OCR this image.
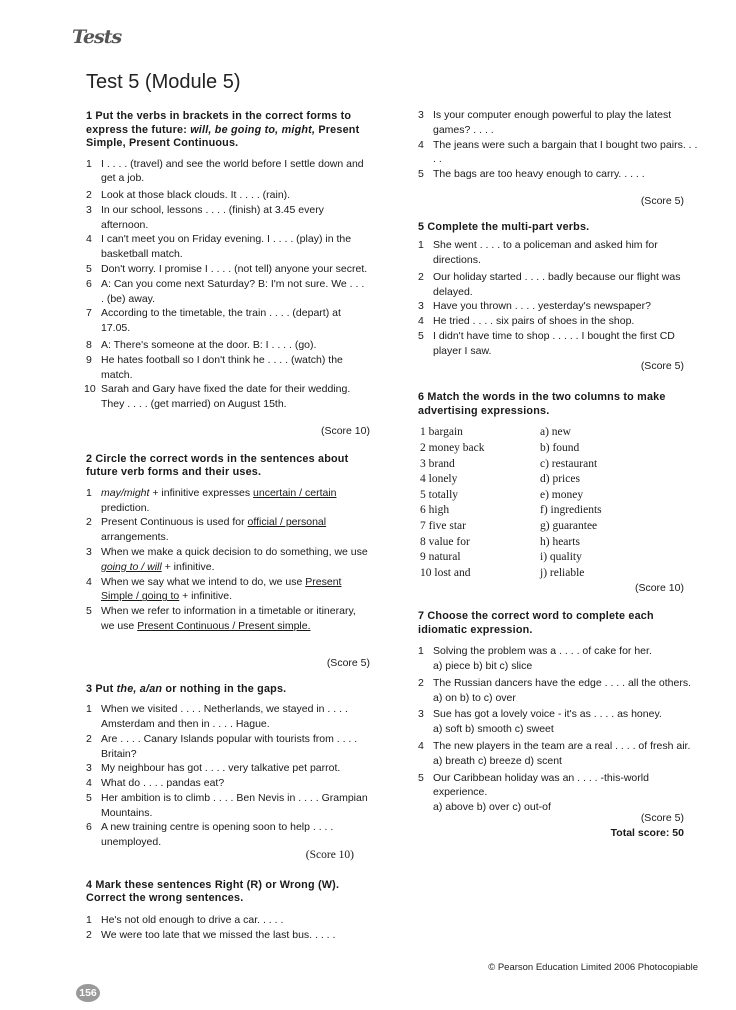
Tests
Test 5 (Module 5)
1 Put the verbs in brackets in the correct forms to express the future: will, be going to, might, Present Simple, Present Continuous.
1 I . . . . (travel) and see the world before I settle down and get a job.
2 Look at those black clouds. It . . . . (rain).
3 In our school, lessons . . . . (finish) at 3.45 every afternoon.
4 I can't meet you on Friday evening. I . . . . (play) in the basketball match.
5 Don't worry. I promise I . . . . (not tell) anyone your secret.
6 A: Can you come next Saturday? B: I'm not sure. We . . . . (be) away.
7 According to the timetable, the train . . . . (depart) at 17.05.
8 A: There's someone at the door. B: I . . . . (go).
9 He hates football so I don't think he . . . . (watch) the match.
10 Sarah and Gary have fixed the date for their wedding. They . . . . (get married) on August 15th.
(Score 10)
2 Circle the correct words in the sentences about future verb forms and their uses.
1 may/might + infinitive expresses uncertain / certain prediction.
2 Present Continuous is used for official / personal arrangements.
3 When we make a quick decision to do something, we use going to / will + infinitive.
4 When we say what we intend to do, we use Present Simple / going to + infinitive.
5 When we refer to information in a timetable or itinerary, we use Present Continuous / Present simple.
(Score 5)
3 Put the, a/an or nothing in the gaps.
1 When we visited . . . . Netherlands, we stayed in . . . . Amsterdam and then in . . . . Hague.
2 Are . . . . Canary Islands popular with tourists from . . . . Britain?
3 My neighbour has got . . . . very talkative pet parrot.
4 What do . . . . pandas eat?
5 Her ambition is to climb . . . . Ben Nevis in . . . . Grampian Mountains.
6 A new training centre is opening soon to help . . . . unemployed.
(Score 10)
4 Mark these sentences Right (R) or Wrong (W). Correct the wrong sentences.
1 He's not old enough to drive a car. . . . .
2 We were too late that we missed the last bus. . . . .
3 Is your computer enough powerful to play the latest games? . . . .
4 The jeans were such a bargain that I bought two pairs. . . . .
5 The bags are too heavy enough to carry. . . . .
(Score 5)
5 Complete the multi-part verbs.
1 She went . . . . to a policeman and asked him for directions.
2 Our holiday started . . . . badly because our flight was delayed.
3 Have you thrown . . . . yesterday's newspaper?
4 He tried . . . . six pairs of shoes in the shop.
5 I didn't have time to shop . . . . . I bought the first CD player I saw.
(Score 5)
6 Match the words in the two columns to make advertising expressions.
1 bargain	a) new
2 money back	b) found
3 brand	c) restaurant
4 lonely	d) prices
5 totally	e) money
6 high	f) ingredients
7 five star	g) guarantee
8 value for	h) hearts
9 natural	i) quality
10 lost and	j) reliable
(Score 10)
7 Choose the correct word to complete each idiomatic expression.
1 Solving the problem was a . . . . of cake for her.
a) piece b) bit c) slice
2 The Russian dancers have the edge . . . . all the others.
a) on b) to c) over
3 Sue has got a lovely voice - it's as . . . . as honey.
a) soft b) smooth c) sweet
4 The new players in the team are a real . . . . of fresh air.
a) breath c) breeze d) scent
5 Our Caribbean holiday was an . . . . -this-world experience.
a) above b) over c) out-of
(Score 5)
Total score: 50
© Pearson Education Limited 2006 Photocopiable
156
